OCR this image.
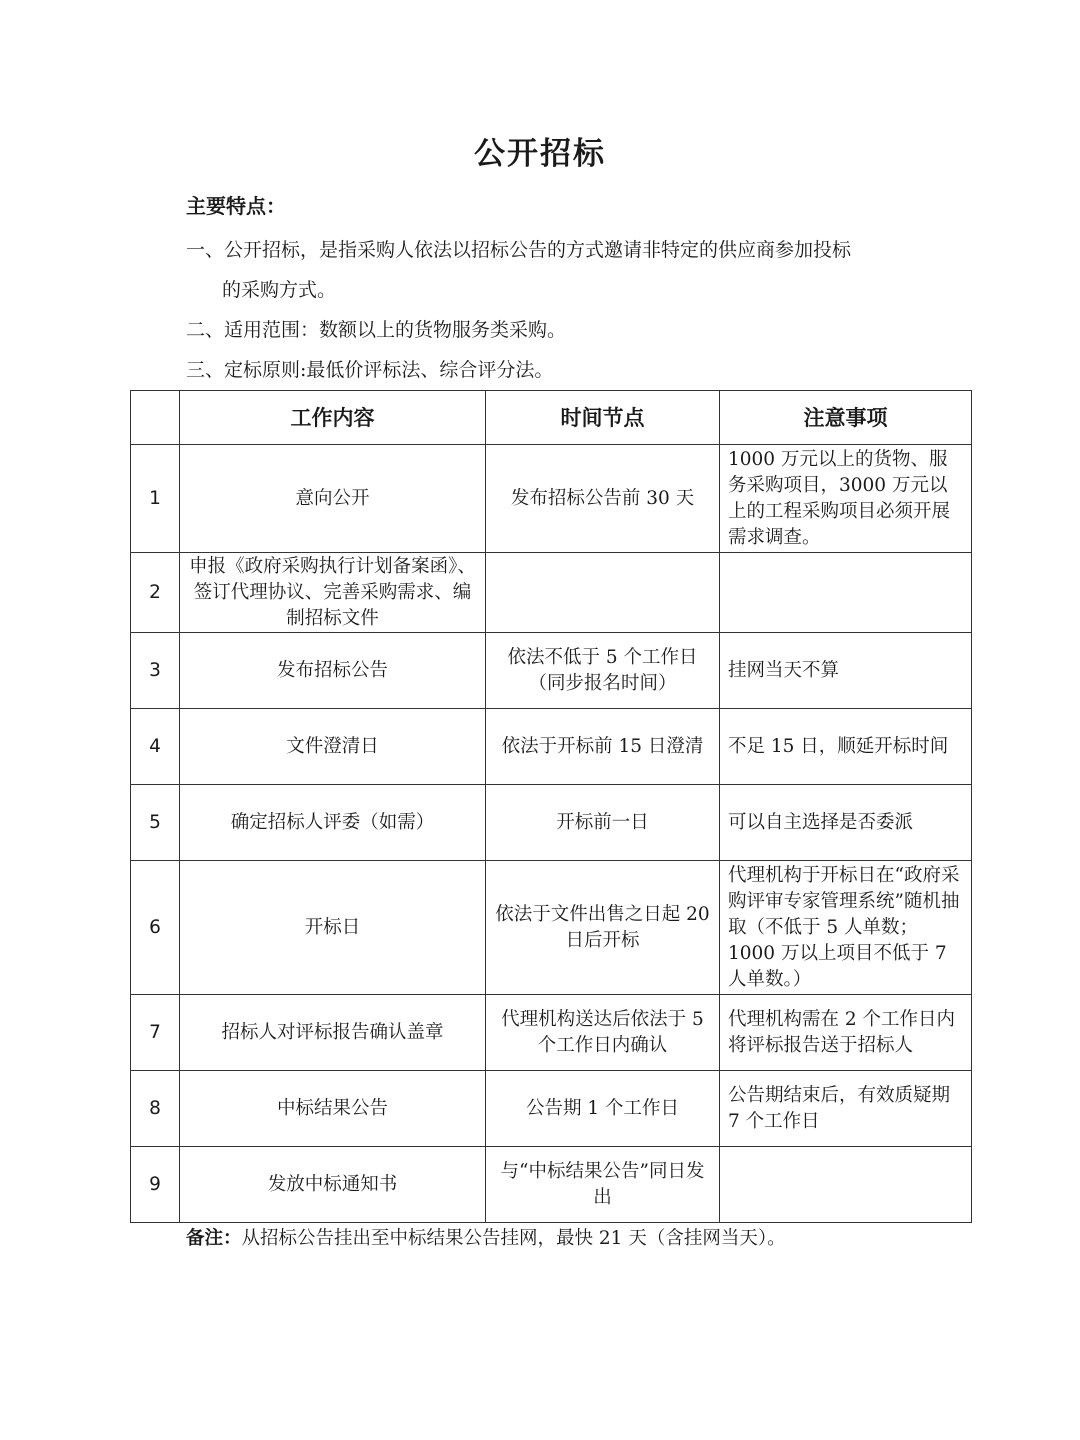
公开招标
主要特点：
一、公开招标，是指采购人依法以招标公告的方式邀请非特定的供应商参加投标
的采购方式。
二、适用范围：数额以上的货物服务类采购。
三、定标原则:最低价评标法、综合评分法。
	工作内容	时间节点	注意事项
1	意向公开	发布招标公告前 30 天	1000 万元以上的货物、服务采购项目，3000 万元以上的工程采购项目必须开展需求调查。
2	申报《政府采购执行计划备案函》、签订代理协议、完善采购需求、编制招标文件		
3	发布招标公告	依法不低于 5 个工作日（同步报名时间）	挂网当天不算
4	文件澄清日	依法于开标前 15 日澄清	不足 15 日，顺延开标时间
5	确定招标人评委（如需）	开标前一日	可以自主选择是否委派
6	开标日	依法于文件出售之日起 20 日后开标	代理机构于开标日在“政府采购评审专家管理系统”随机抽取（不低于 5 人单数；1000 万以上项目不低于 7 人单数。）
7	招标人对评标报告确认盖章	代理机构送达后依法于 5 个工作日内确认	代理机构需在 2 个工作日内将评标报告送于招标人
8	中标结果公告	公告期 1 个工作日	公告期结束后，有效质疑期 7 个工作日
9	发放中标通知书	与“中标结果公告”同日发出	
备注：从招标公告挂出至中标结果公告挂网，最快 21 天（含挂网当天）。
